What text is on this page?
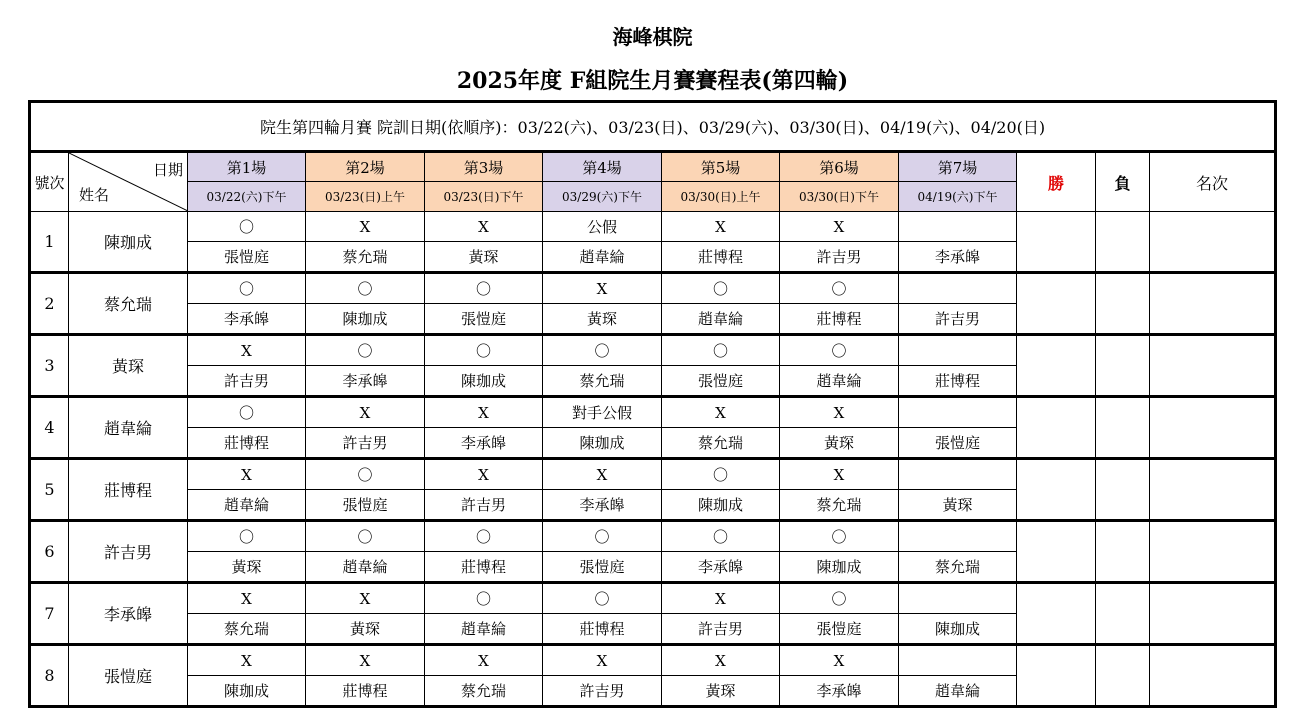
海峰棋院
2025年度 F組院生月賽賽程表(第四輪)
院生第四輪月賽 院訓日期(依順序)：03/22(六)、03/23(日)、03/29(六)、03/30(日)、04/19(六)、04/20(日)											
號次	日期
姓名	第1場	第2場	第3場	第4場	第5場	第6場	第7場	勝	負	名次
		03/22(六)下午	03/23(日)上午	03/23(日)下午	03/29(六)下午	03/30(日)上午	03/30(日)下午	04/19(六)下午			
1	陳珈成	〇	X	X	公假	X	X				
		張愷庭	蔡允瑞	黃琛	趙韋綸	莊博程	許吉男	李承皞			
2	蔡允瑞	〇	〇	〇	X	〇	〇				
		李承皞	陳珈成	張愷庭	黃琛	趙韋綸	莊博程	許吉男			
3	黃琛	X	〇	〇	〇	〇	〇				
		許吉男	李承皞	陳珈成	蔡允瑞	張愷庭	趙韋綸	莊博程			
4	趙韋綸	〇	X	X	對手公假	X	X				
		莊博程	許吉男	李承皞	陳珈成	蔡允瑞	黃琛	張愷庭			
5	莊博程	X	〇	X	X	〇	X				
		趙韋綸	張愷庭	許吉男	李承皞	陳珈成	蔡允瑞	黃琛			
6	許吉男	〇	〇	〇	〇	〇	〇				
		黃琛	趙韋綸	莊博程	張愷庭	李承皞	陳珈成	蔡允瑞			
7	李承皞	X	X	〇	〇	X	〇				
		蔡允瑞	黃琛	趙韋綸	莊博程	許吉男	張愷庭	陳珈成			
8	張愷庭	X	X	X	X	X	X				
		陳珈成	莊博程	蔡允瑞	許吉男	黃琛	李承皞	趙韋綸			
